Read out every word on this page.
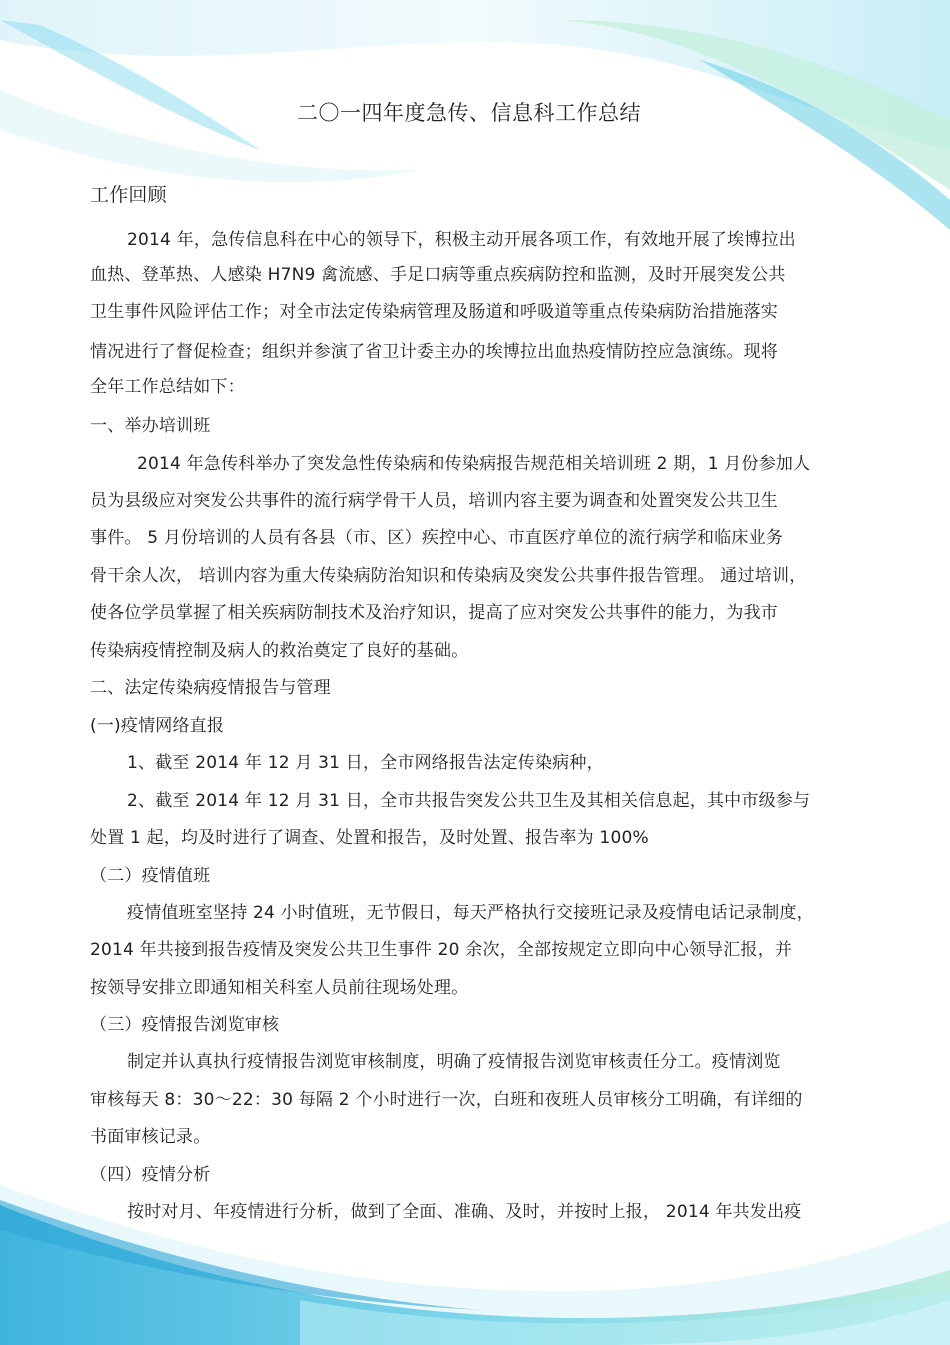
二〇一四年度急传、信息科工作总结
工作回顾
2014 年，急传信息科在中心的领导下，积极主动开展各项工作，有效地开展了埃博拉出
血热、登革热、人感染 H7N9 禽流感、手足口病等重点疾病防控和监测，及时开展突发公共
卫生事件风险评估工作；对全市法定传染病管理及肠道和呼吸道等重点传染病防治措施落实
情况进行了督促检查；组织并参演了省卫计委主办的埃博拉出血热疫情防控应急演练。现将
全年工作总结如下：
一、举办培训班
2014 年急传科举办了突发急性传染病和传染病报告规范相关培训班 2 期，1 月份参加人
员为县级应对突发公共事件的流行病学骨干人员，培训内容主要为调查和处置突发公共卫生
事件。 5 月份培训的人员有各县（市、区）疾控中心、市直医疗单位的流行病学和临床业务
骨干余人次， 培训内容为重大传染病防治知识和传染病及突发公共事件报告管理。 通过培训，
使各位学员掌握了相关疾病防制技术及治疗知识，提高了应对突发公共事件的能力，为我市
传染病疫情控制及病人的救治奠定了良好的基础。
二、法定传染病疫情报告与管理
(一)疫情网络直报
1、截至 2014 年 12 月 31 日，全市网络报告法定传染病种，
2、截至 2014 年 12 月 31 日，全市共报告突发公共卫生及其相关信息起，其中市级参与
处置 1 起，均及时进行了调查、处置和报告，及时处置、报告率为 100%
（二）疫情值班
疫情值班室坚持 24 小时值班，无节假日，每天严格执行交接班记录及疫情电话记录制度，
2014 年共接到报告疫情及突发公共卫生事件 20 余次，全部按规定立即向中心领导汇报，并
按领导安排立即通知相关科室人员前往现场处理。
（三）疫情报告浏览审核
制定并认真执行疫情报告浏览审核制度，明确了疫情报告浏览审核责任分工。疫情浏览
审核每天 8：30～22：30 每隔 2 个小时进行一次，白班和夜班人员审核分工明确，有详细的
书面审核记录。
（四）疫情分析
按时对月、年疫情进行分析，做到了全面、准确、及时，并按时上报， 2014 年共发出疫
